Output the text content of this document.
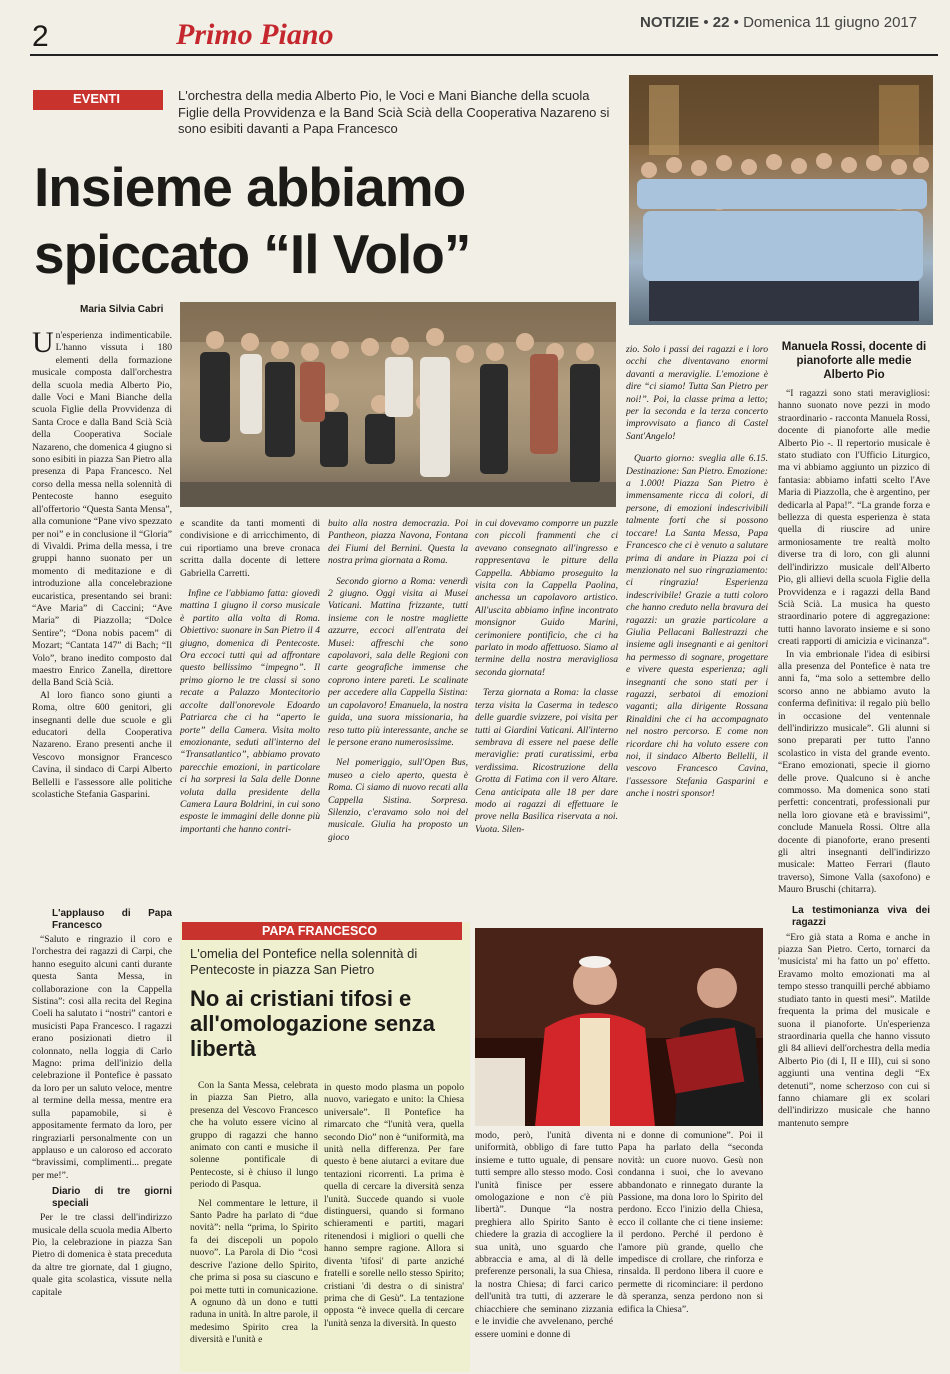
2	Primo Piano	NOTIZIE • 22 • Domenica 11 giugno 2017
EVENTI	L'orchestra della media Alberto Pio, le Voci e Mani Bianche della scuola Figlie della Provvidenza e la Band Scià Scià della Cooperativa Nazareno si sono esibiti davanti a Papa Francesco
Insieme abbiamo
spiccato “Il Volo”
Maria Silvia Cabri

Un'esperienza indimenticabile. L'hanno vissuta i 180 elementi della formazione musicale composta dall'orchestra della scuola media Alberto Pio, dalle Voci e Mani Bianche della scuola Figlie della Provvidenza di Santa Croce e dalla Band Scià Scià della Cooperativa Sociale Nazareno, che domenica 4 giugno si sono esibiti in piazza San Pietro alla presenza di Papa Francesco. Nel corso della messa nella solennità di Pentecoste hanno eseguito all'offertorio “Questa Santa Mensa”, alla comunione “Pane vivo spezzato per noi” e in conclusione il “Gloria” di Vivaldi. Prima della messa, i tre gruppi hanno suonato per un momento di meditazione e di introduzione alla concelebrazione eucaristica, presentando sei brani: “Ave Maria” di Caccini; “Ave Maria” di Piazzolla; “Dolce Sentire”; “Dona nobis pacem” di Mozart; “Cantata 147” di Bach; “Il Volo”, brano inedito composto dal maestro Enrico Zanella, direttore della Band Scià Scià.

Al loro fianco sono giunti a Roma, oltre 600 genitori, gli insegnanti delle due scuole e gli educatori della Cooperativa Nazareno. Erano presenti anche il Vescovo monsignor Francesco Cavina, il sindaco di Carpi Alberto Bellelli e l'assessore alle politiche scolastiche Stefania Gasparini.

L'applauso di Papa Francesco

“Saluto e ringrazio il coro e l'orchestra dei ragazzi di Carpi, che hanno eseguito alcuni canti durante questa Santa Messa, in collaborazione con la Cappella Sistina”: così alla recita del Regina Coeli ha salutato i “nostri” cantori e musicisti Papa Francesco. I ragazzi erano posizionati dietro il colonnato, nella loggia di Carlo Magno: prima dell'inizio della celebrazione il Pontefice è passato da loro per un saluto veloce, mentre al termine della messa, mentre era sulla papamobile, si è appositamente fermato da loro, per ringraziarli personalmente con un applauso e un caloroso ed accorato “bravissimi, complimenti... pregate per me!”.

Diario di tre giorni speciali

Per le tre classi dell'indirizzo musicale della scuola media Alberto Pio, la celebrazione in piazza San Pietro di domenica è stata preceduta da altre tre giornate, dal 1 giugno, quale gita scolastica, vissute nella capitale

e scandite da tanti momenti di condivisione e di arricchimento, di cui riportiamo una breve cronaca scritta dalla docente di lettere Gabriella Carretti.

Infine ce l'abbiamo fatta: giovedì mattina 1 giugno il corso musicale è partito alla volta di Roma. Obiettivo: suonare in San Pietro il 4 giugno, domenica di Pentecoste. Ora eccoci tutti qui ad affrontare questo bellissimo “impegno”. Il primo giorno le tre classi si sono recate a Palazzo Montecitorio accolte dall'onorevole Edoardo Patriarca che ci ha “aperto le porte” della Camera. Visita molto emozionante, seduti all'interno del “Transatlantico”, abbiamo provato parecchie emozioni, in particolare ci ha sorpresi la Sala delle Donne voluta dalla presidente della Camera Laura Boldrini, in cui sono esposte le immagini delle donne più importanti che hanno contri-

buito alla nostra democrazia. Poi Pantheon, piazza Navona, Fontana dei Fiumi del Bernini. Questa la nostra prima giornata a Roma.

Secondo giorno a Roma: venerdì 2 giugno. Oggi visita ai Musei Vaticani. Mattina frizzante, tutti insieme con le nostre magliette azzurre, eccoci all'entrata dei Musei: affreschi che sono capolavori, sala delle Regioni con carte geografiche immense che coprono intere pareti. Le scalinate per accedere alla Cappella Sistina: un capolavoro! Emanuela, la nostra guida, una suora missionaria, ha reso tutto più interessante, anche se le persone erano numerosissime.

Nel pomeriggio, sull'Open Bus, museo a cielo aperto, questa è Roma. Ci siamo di nuovo recati alla Cappella Sistina. Sorpresa. Silenzio, c'eravamo solo noi del musicale. Giulia ha proposto un gioco

in cui dovevamo comporre un puzzle con piccoli frammenti che ci avevano consegnato all'ingresso e rappresentava le pitture della Cappella. Abbiamo proseguito la visita con la Cappella Paolina, anchessa un capolavoro artistico. All'uscita abbiamo infine incontrato monsignor Guido Marini, cerimoniere pontificio, che ci ha parlato in modo affettuoso. Siamo al termine della nostra meravigliosa seconda giornata!

Terza giornata a Roma: la classe terza visita la Caserma in tedesco delle guardie svizzere, poi visita per tutti ai Giardini Vaticani. All'interno sembrava di essere nel paese delle meraviglie: prati curatissimi, erba verdissima. Ricostruzione della Grotta di Fatima con il vero Altare. Cena anticipata alle 18 per dare modo ai ragazzi di effettuare le prove nella Basilica riservata a noi. Vuota. Silen-

zio. Solo i passi dei ragazzi e i loro occhi che diventavano enormi davanti a meraviglie. L'emozione è dire “ci siamo! Tutta San Pietro per noi!”. Poi, la classe prima a letto; per la seconda e la terza concerto improvvisato a fianco di Castel Sant'Angelo!

Quarto giorno: sveglia alle 6.15. Destinazione: San Pietro. Emozione: a 1.000! Piazza San Pietro è immensamente ricca di colori, di persone, di emozioni indescrivibili talmente forti che si possono toccare! La Santa Messa, Papa Francesco che ci è venuto a salutare prima di andare in Piazza poi ci menzionato nel suo ringraziamento: ci ringrazia! Esperienza indescrivibile! Grazie a tutti coloro che hanno creduto nella bravura dei ragazzi: un grazie particolare a Giulia Pellacani Ballestrazzi che insieme agli insegnanti e ai genitori ha permesso di sognare, progettare e vivere questa esperienza; agli insegnanti che sono stati per i ragazzi, serbatoi di emozioni vaganti; alla dirigente Rossana Rinaldini che ci ha accompagnato nel nostro percorso. E come non ricordare chi ha voluto essere con noi, il sindaco Alberto Bellelli, il vescovo Francesco Cavina, l'assessore Stefania Gasparini e anche i nostri sponsor!

Manuela Rossi, docente di pianoforte alle medie Alberto Pio

“I ragazzi sono stati meravigliosi: hanno suonato nove pezzi in modo straordinario - racconta Manuela Rossi, docente di pianoforte alle medie Alberto Pio -. Il repertorio musicale è stato studiato con l'Ufficio Liturgico, ma vi abbiamo aggiunto un pizzico di fantasia: abbiamo infatti scelto l'Ave Maria di Piazzolla, che è argentino, per dedicarla al Papa!”. “La grande forza e bellezza di questa esperienza è stata quella di riuscire ad unire armoniosamente tre realtà molto diverse tra di loro, con gli alunni dell'indirizzo musicale dell'Alberto Pio, gli allievi della scuola Figlie della Provvidenza e i ragazzi della Band Scià Scià. La musica ha questo straordinario potere di aggregazione: tutti hanno lavorato insieme e si sono creati rapporti di amicizia e vicinanza”.

In via embrionale l'idea di esibirsi alla presenza del Pontefice è nata tre anni fa, “ma solo a settembre dello scorso anno ne abbiamo avuto la conferma definitiva: il regalo più bello in occasione del ventennale dell'indirizzo musicale”. Gli alunni si sono preparati per tutto l'anno scolastico in vista del grande evento. “Erano emozionati, specie il giorno delle prove. Qualcuno si è anche commosso. Ma domenica sono stati perfetti: concentrati, professionali pur nella loro giovane età e bravissimi”, conclude Manuela Rossi. Oltre alla docente di pianoforte, erano presenti gli altri insegnanti dell'indirizzo musicale: Matteo Ferrari (flauto traverso), Simone Valla (saxofono) e Mauro Bruschi (chitarra).

La testimonianza viva dei ragazzi

“Ero già stata a Roma e anche in piazza San Pietro. Certo, tornarci da 'musicista' mi ha fatto un po' effetto. Eravamo molto emozionati ma al tempo stesso tranquilli perché abbiamo studiato tanto in questi mesi”. Matilde frequenta la prima del musicale e suona il pianoforte. Un'esperienza straordinaria quella che hanno vissuto gli 84 allievi dell'orchestra della media Alberto Pio (di I, II e III), cui si sono aggiunti una ventina degli “Ex detenuti”, nome scherzoso con cui si fanno chiamare gli ex scolari dell'indirizzo musicale che hanno mantenuto sempre

PAPA FRANCESCO
L'omelia del Pontefice nella solennità di Pentecoste in piazza San Pietro
No ai cristiani tifosi e all'omologazione senza libertà

Con la Santa Messa, celebrata in piazza San Pietro, alla presenza del Vescovo Francesco che ha voluto essere vicino al gruppo di ragazzi che hanno animato con canti e musiche il solenne pontificale di Pentecoste, si è chiuso il lungo periodo di Pasqua.

Nel commentare le letture, il Santo Padre ha parlato di “due novità”: nella “prima, lo Spirito fa dei discepoli un popolo nuovo”. La Parola di Dio “così descrive l'azione dello Spirito, che prima si posa su ciascuno e poi mette tutti in comunicazione. A ognuno dà un dono e tutti raduna in unità. In altre parole, il medesimo Spirito crea la diversità e l'unità e

in questo modo plasma un popolo nuovo, variegato e unito: la Chiesa universale”. Il Pontefice ha rimarcato che “l'unità vera, quella secondo Dio” non è “uniformità, ma unità nella differenza. Per fare questo è bene aiutarci a evitare due tentazioni ricorrenti. La prima è quella di cercare la diversità senza l'unità. Succede quando si vuole distinguersi, quando si formano schieramenti e partiti, magari ritenendosi i migliori o quelli che hanno sempre ragione. Allora si diventa 'tifosi' di parte anziché fratelli e sorelle nello stesso Spirito; cristiani 'di destra o di sinistra' prima che di Gesù”. La tentazione opposta “è invece quella di cercare l'unità senza la diversità. In questo

modo, però, l'unità diventa uniformità, obbligo di fare tutto insieme e tutto uguale, di pensare tutti sempre allo stesso modo. Così l'unità finisce per essere omologazione e non c'è più libertà”. Dunque “la nostra preghiera allo Spirito Santo è chiedere la grazia di accogliere la sua unità, uno sguardo che abbraccia e ama, al di là delle preferenze personali, la sua Chiesa, la nostra Chiesa; di farci carico dell'unità tra tutti, di azzerare le chiacchiere che seminano zizzania e le invidie che avvelenano, perché essere uomini e donne di

ni e donne di comunione”. Poi il Papa ha parlato della “seconda novità: un cuore nuovo. Gesù non condanna i suoi, che lo avevano abbandonato e rinnegato durante la Passione, ma dona loro lo Spirito del perdono. Ecco l'inizio della Chiesa, ecco il collante che ci tiene insieme: il perdono. Perché il perdono è l'amore più grande, quello che impedisce di crollare, che rinforza e rinsalda. Il perdono libera il cuore e permette di ricominciare: il perdono dà speranza, senza perdono non si edifica la Chiesa”.
